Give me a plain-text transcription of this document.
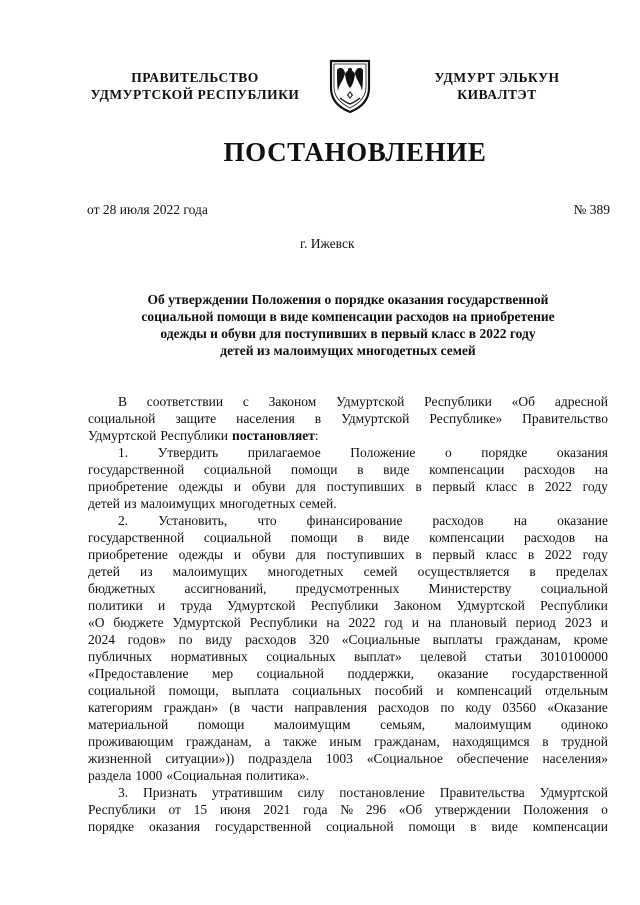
ПРАВИТЕЛЬСТВО
УДМУРТСКОЙ РЕСПУБЛИКИ
УДМУРТ ЭЛЬКУН
КИВАЛТЭТ
ПОСТАНОВЛЕНИЕ
от 28 июля 2022 года	№ 389
г. Ижевск
Об утверждении Положения о порядке оказания государственной
социальной помощи в виде компенсации расходов на приобретение
одежды и обуви для поступивших в первый класс в 2022 году
детей из малоимущих многодетных семей
В соответствии с Законом Удмуртской Республики «Об адресной
социальной защите населения в Удмуртской Республике» Правительство
Удмуртской Республики постановляет:
1. Утвердить прилагаемое Положение о порядке оказания
государственной социальной помощи в виде компенсации расходов на
приобретение одежды и обуви для поступивших в первый класс в 2022 году
детей из малоимущих многодетных семей.
2. Установить, что финансирование расходов на оказание
государственной социальной помощи в виде компенсации расходов на
приобретение одежды и обуви для поступивших в первый класс в 2022 году
детей из малоимущих многодетных семей осуществляется в пределах
бюджетных ассигнований, предусмотренных Министерству социальной
политики и труда Удмуртской Республики Законом Удмуртской Республики
«О бюджете Удмуртской Республики на 2022 год и на плановый период 2023 и
2024 годов» по виду расходов 320 «Социальные выплаты гражданам, кроме
публичных нормативных социальных выплат» целевой статьи 3010100000
«Предоставление мер социальной поддержки, оказание государственной
социальной помощи, выплата социальных пособий и компенсаций отдельным
категориям граждан» (в части направления расходов по коду 03560 «Оказание
материальной помощи малоимущим семьям, малоимущим одиноко
проживающим гражданам, а также иным гражданам, находящимся в трудной
жизненной ситуации»)) подраздела 1003 «Социальное обеспечение населения»
раздела 1000 «Социальная политика».
3. Признать утратившим силу постановление Правительства Удмуртской
Республики от 15 июня 2021 года № 296 «Об утверждении Положения о
порядке оказания государственной социальной помощи в виде компенсации
